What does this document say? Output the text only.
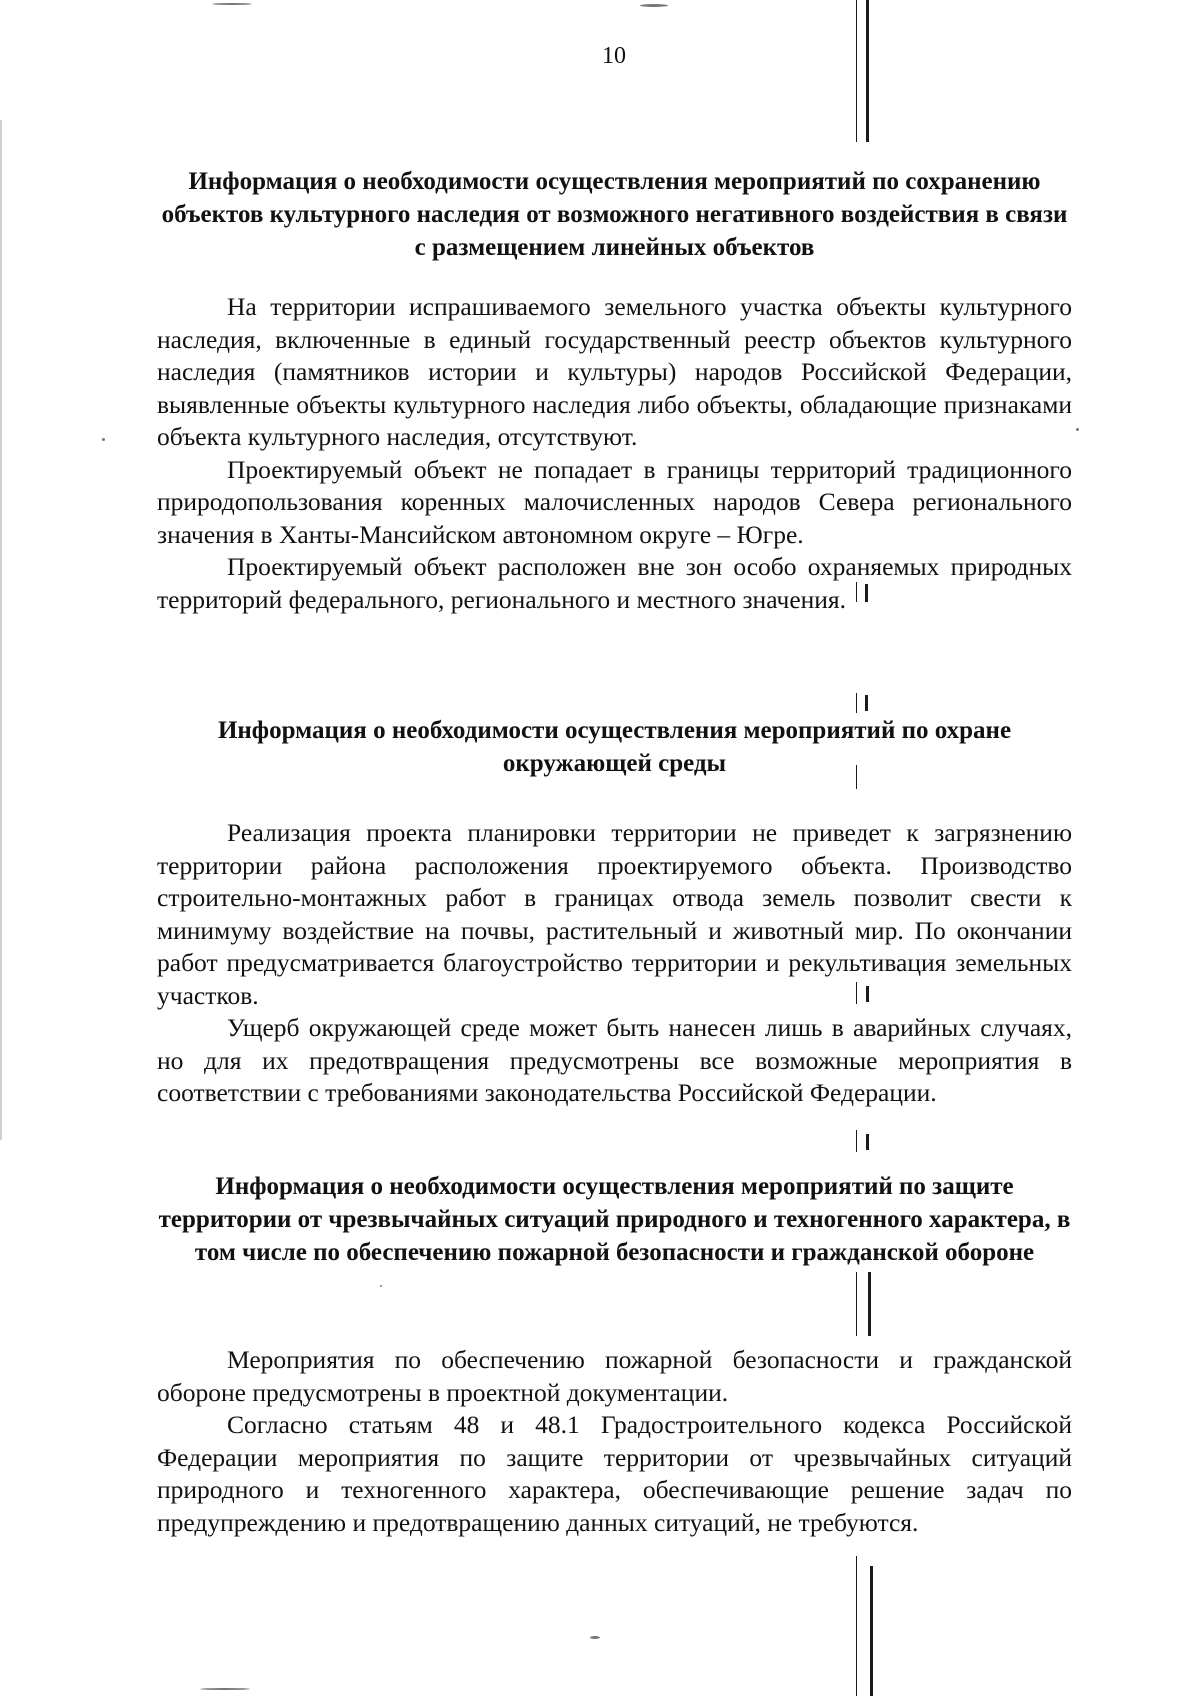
10
Информация о необходимости осуществления мероприятий по сохранению объектов культурного наследия от возможного негативного воздействия в связи с размещением линейных объектов

На территории испрашиваемого земельного участка объекты культурного наследия, включенные в единый государственный реестр объектов культурного наследия (памятников истории и культуры) народов Российской Федерации, выявленные объекты культурного наследия либо объекты, обладающие признаками объекта культурного наследия, отсутствуют.

Проектируемый объект не попадает в границы территорий традиционного природопользования коренных малочисленных народов Севера регионального значения в Ханты-Мансийском автономном округе – Югре.

Проектируемый объект расположен вне зон особо охраняемых природных территорий федерального, регионального и местного значения.

Информация о необходимости осуществления мероприятий по охране окружающей среды

Реализация проекта планировки территории не приведет к загрязнению территории района расположения проектируемого объекта. Производство строительно-монтажных работ в границах отвода земель позволит свести к минимуму воздействие на почвы, растительный и животный мир. По окончании работ предусматривается благоустройство территории и рекультивация земельных участков.

Ущерб окружающей среде может быть нанесен лишь в аварийных случаях, но для их предотвращения предусмотрены все возможные мероприятия в соответствии с требованиями законодательства Российской Федерации.

Информация о необходимости осуществления мероприятий по защите территории от чрезвычайных ситуаций природного и техногенного характера, в том числе по обеспечению пожарной безопасности и гражданской обороне

Мероприятия по обеспечению пожарной безопасности и гражданской обороне предусмотрены в проектной документации.

Согласно статьям 48 и 48.1 Градостроительного кодекса Российской Федерации мероприятия по защите территории от чрезвычайных ситуаций природного и техногенного характера, обеспечивающие решение задач по предупреждению и предотвращению данных ситуаций, не требуются.
